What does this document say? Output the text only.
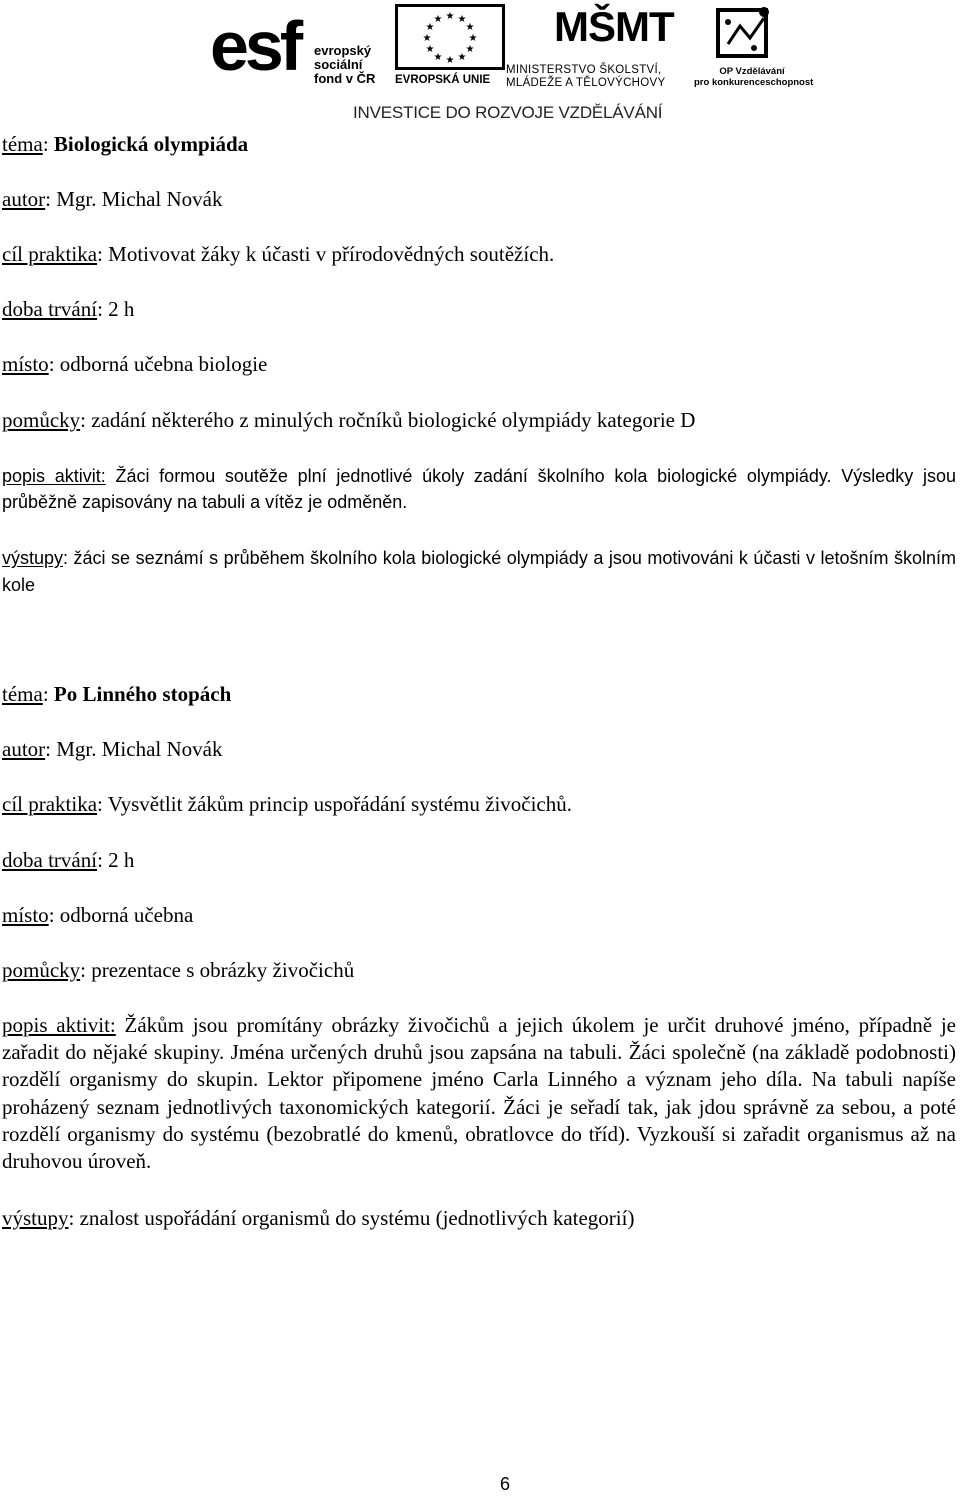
esf evropský
sociální
fond v ČR
★ ★
★
★
★
★
★
★
★
★
★
★
EVROPSKÁ UNIE
MŠMT
MINISTERSTVO ŠKOLSTVÍ,
MLÁDEŽE A TĚLOVÝCHOVY
OP Vzdělávání
pro konkurenceschopnost
INVESTICE DO ROZVOJE VZDĚLÁVÁNÍ
téma: Biologická olympiáda
autor: Mgr. Michal Novák
cíl praktika: Motivovat žáky k účasti v přírodovědných soutěžích.
doba trvání: 2 h
místo: odborná učebna biologie
pomůcky: zadání některého z minulých ročníků biologické olympiády kategorie D
popis aktivit: Žáci formou soutěže plní jednotlivé úkoly zadání školního kola biologické olympiády. Výsledky jsou průběžně zapisovány na tabuli a vítěz je odměněn.
výstupy: žáci se seznámí s průběhem školního kola biologické olympiády a jsou motivováni k účasti v letošním školním kole
téma: Po Linného stopách
autor: Mgr. Michal Novák
cíl praktika: Vysvětlit žákům princip uspořádání systému živočichů.
doba trvání: 2 h
místo: odborná učebna
pomůcky: prezentace s obrázky živočichů
popis aktivit: Žákům jsou promítány obrázky živočichů a jejich úkolem je určit druhové jméno, případně je zařadit do nějaké skupiny. Jména určených druhů jsou zapsána na tabuli. Žáci společně (na základě podobnosti) rozdělí organismy do skupin. Lektor připomene jméno Carla Linného a význam jeho díla. Na tabuli napíše proházený seznam jednotlivých taxonomických kategorií. Žáci je seřadí tak, jak jdou správně za sebou, a poté rozdělí organismy do systému (bezobratlé do kmenů, obratlovce do tříd). Vyzkouší si zařadit organismus až na druhovou úroveň.
výstupy: znalost uspořádání organismů do systému (jednotlivých kategorií)
6
